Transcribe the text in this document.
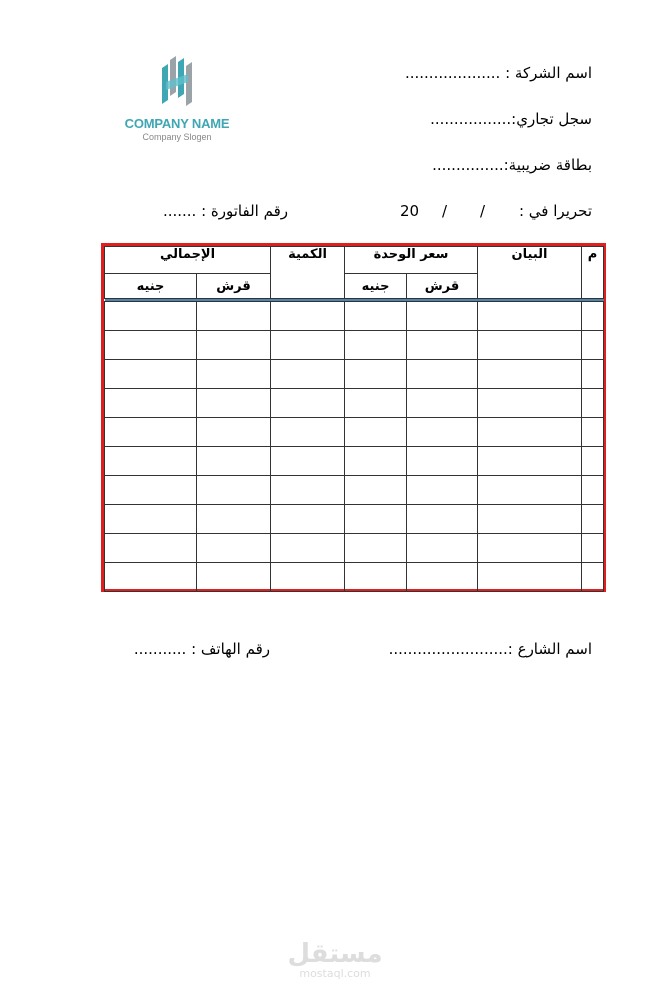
COMPANY NAME
Company Slogen
اسم الشركة : ....................
سجل تجاري:.................
بطاقة ضريبية:...............
تحريرا في :
/
/
20
رقم الفاتورة : .......
م	البيان	سعر الوحدة		الكمية	الإجمالي	
		قرش	جنيه		قرش	جنيه

اسم الشارع :.........................
رقم الهاتف : ...........
مستقل
mostaql.com
